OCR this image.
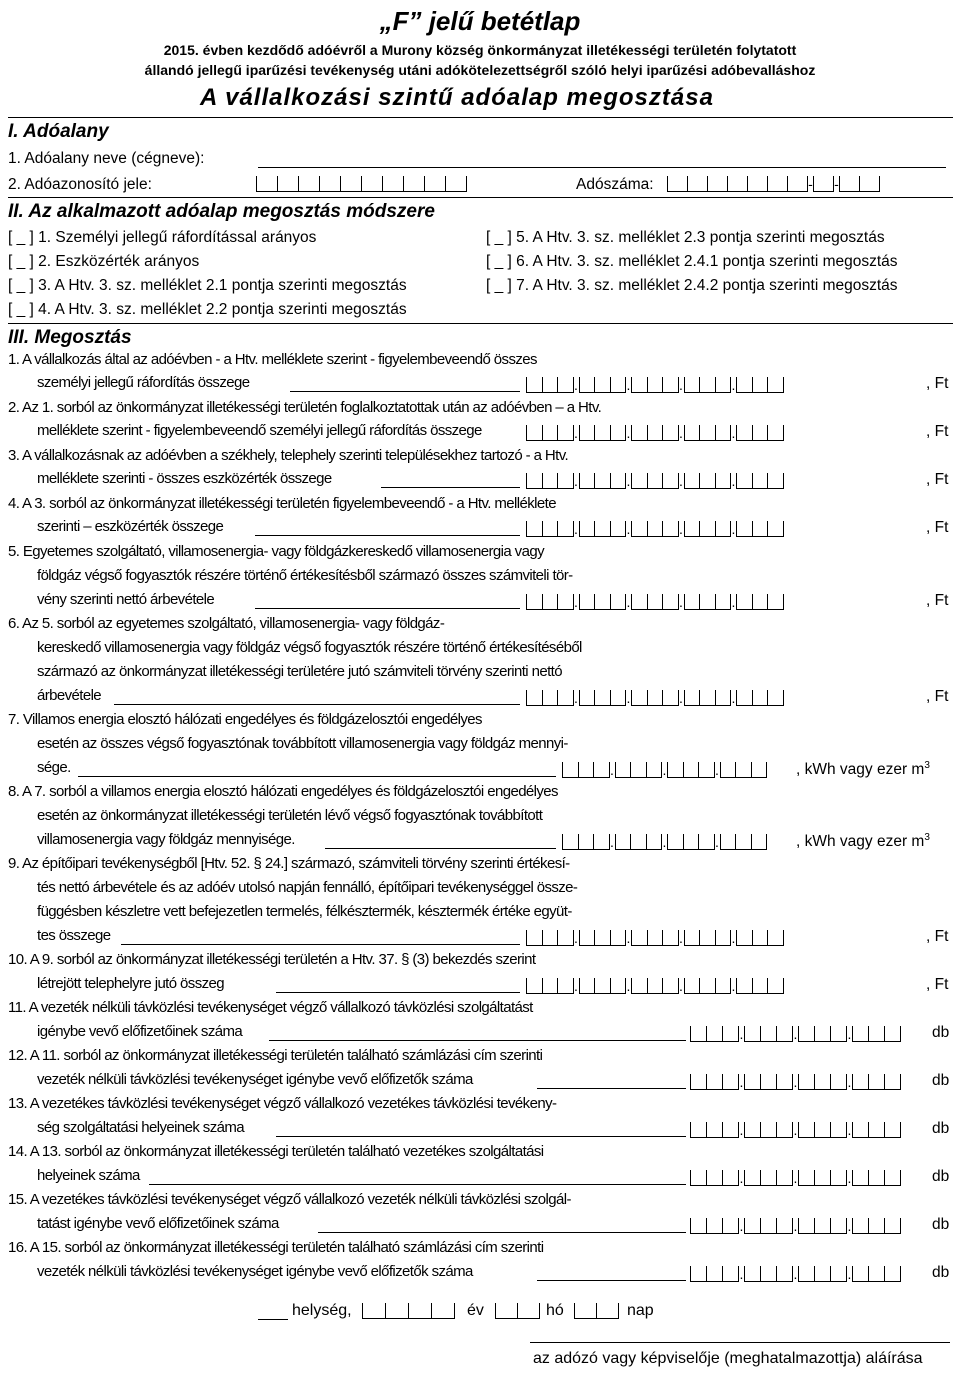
„F” jelű betétlap
2015. évben kezdődő adóévről a Murony község önkormányzat illetékességi területén folytatott
állandó jellegű iparűzési tevékenység utáni adókötelezettségről szóló helyi iparűzési adóbevalláshoz
A vállalkozási szintű adóalap megosztása
I. Adóalany
1. Adóalany neve (cégneve):
2. Adóazonosító jele:	Adószáma:	- -
II. Az alkalmazott adóalap megosztás módszere
[ _ ] 1. Személyi jellegű ráfordítással arányos
[ _ ] 2. Eszközérték arányos
[ _ ] 3. A Htv. 3. sz. melléklet 2.1 pontja szerinti megosztás
[ _ ] 4. A Htv. 3. sz. melléklet 2.2 pontja szerinti megosztás
[ _ ] 5. A Htv. 3. sz. melléklet 2.3 pontja szerinti megosztás
[ _ ] 6. A Htv. 3. sz. melléklet 2.4.1 pontja szerinti megosztás
[ _ ] 7. A Htv. 3. sz. melléklet 2.4.2 pontja szerinti megosztás
III. Megosztás
1. A vállalkozás által az adóévben - a Htv. melléklete szerint - figyelembeveendő összes
személyi jellegű ráfordítás összege	.	.	.	.	, Ft
2. Az 1. sorból az önkormányzat illetékességi területén foglalkoztatottak után az adóévben – a Htv.
melléklete szerint - figyelembeveendő személyi jellegű ráfordítás összege	.	.	.	.	, Ft
3. A vállalkozásnak az adóévben a székhely, telephely szerinti településekhez tartozó - a Htv.
melléklete szerinti - összes eszközérték összege	.	.	.	.	, Ft
4. A 3. sorból az önkormányzat illetékességi területén figyelembeveendő - a Htv. melléklete
szerinti – eszközérték összege	.	.	.	.	, Ft
5. Egyetemes szolgáltató, villamosenergia- vagy földgázkereskedő villamosenergia vagy
földgáz végső fogyasztók részére történő értékesítésből származó összes számviteli tör-
vény szerinti nettó árbevétele	.	.	.	.	, Ft
6. Az 5. sorból az egyetemes szolgáltató, villamosenergia- vagy földgáz-
kereskedő villamosenergia vagy földgáz végső fogyasztók részére történő értékesítéséből
származó az önkormányzat illetékességi területére jutó számviteli törvény szerinti nettó
árbevétele	.	.	.	.	, Ft
7. Villamos energia elosztó hálózati engedélyes és földgázelosztói engedélyes
esetén az összes végső fogyasztónak továbbított villamosenergia vagy földgáz mennyi-
sége.	.	.	.	, kWh vagy ezer $m^3$
8. A 7. sorból a villamos energia elosztó hálózati engedélyes és földgázelosztói engedélyes
esetén az önkormányzat illetékességi területén lévő végső fogyasztónak továbbított
villamosenergia vagy földgáz mennyisége.	.	.	.	, kWh vagy ezer $m^3$
9. Az építőipari tevékenységből [Htv. 52. § 24.] származó, számviteli törvény szerinti értékesí-
tés nettó árbevétele és az adóév utolsó napján fennálló, építőipari tevékenységgel össze-
függésben készletre vett befejezetlen termelés, félkésztermék, késztermék értéke együt-
tes összege	.	.	.	.	, Ft
10. A 9. sorból az önkormányzat illetékességi területén a Htv. 37. § (3) bekezdés szerint
létrejött telephelyre jutó összeg	.	.	.	.	, Ft
11. A vezeték nélküli távközlési tevékenységet végző vállalkozó távközlési szolgáltatást
igénybe vevő előfizetőinek száma	.	.	.	db
12. A 11. sorból az önkormányzat illetékességi területén található számlázási cím szerinti
vezeték nélküli távközlési tevékenységet igénybe vevő előfizetők száma	.	.	.	db
13. A vezetékes távközlési tevékenységet végző vállalkozó vezetékes távközlési tevékeny-
ség szolgáltatási helyeinek száma	.	.	.	db
14. A 13. sorból az önkormányzat illetékességi területén található vezetékes szolgáltatási
helyeinek száma	.	.	.	db
15. A vezetékes távközlési tevékenységet végző vállalkozó vezeték nélküli távközlési szolgál-
tatást igénybe vevő előfizetőinek száma	.	.	.	db
16. A 15. sorból az önkormányzat illetékességi területén található számlázási cím szerinti
vezeték nélküli távközlési tevékenységet igénybe vevő előfizetők száma	.	.	.	db
helység,	év	hó	nap
az adózó vagy képviselője (meghatalmazottja) aláírása
